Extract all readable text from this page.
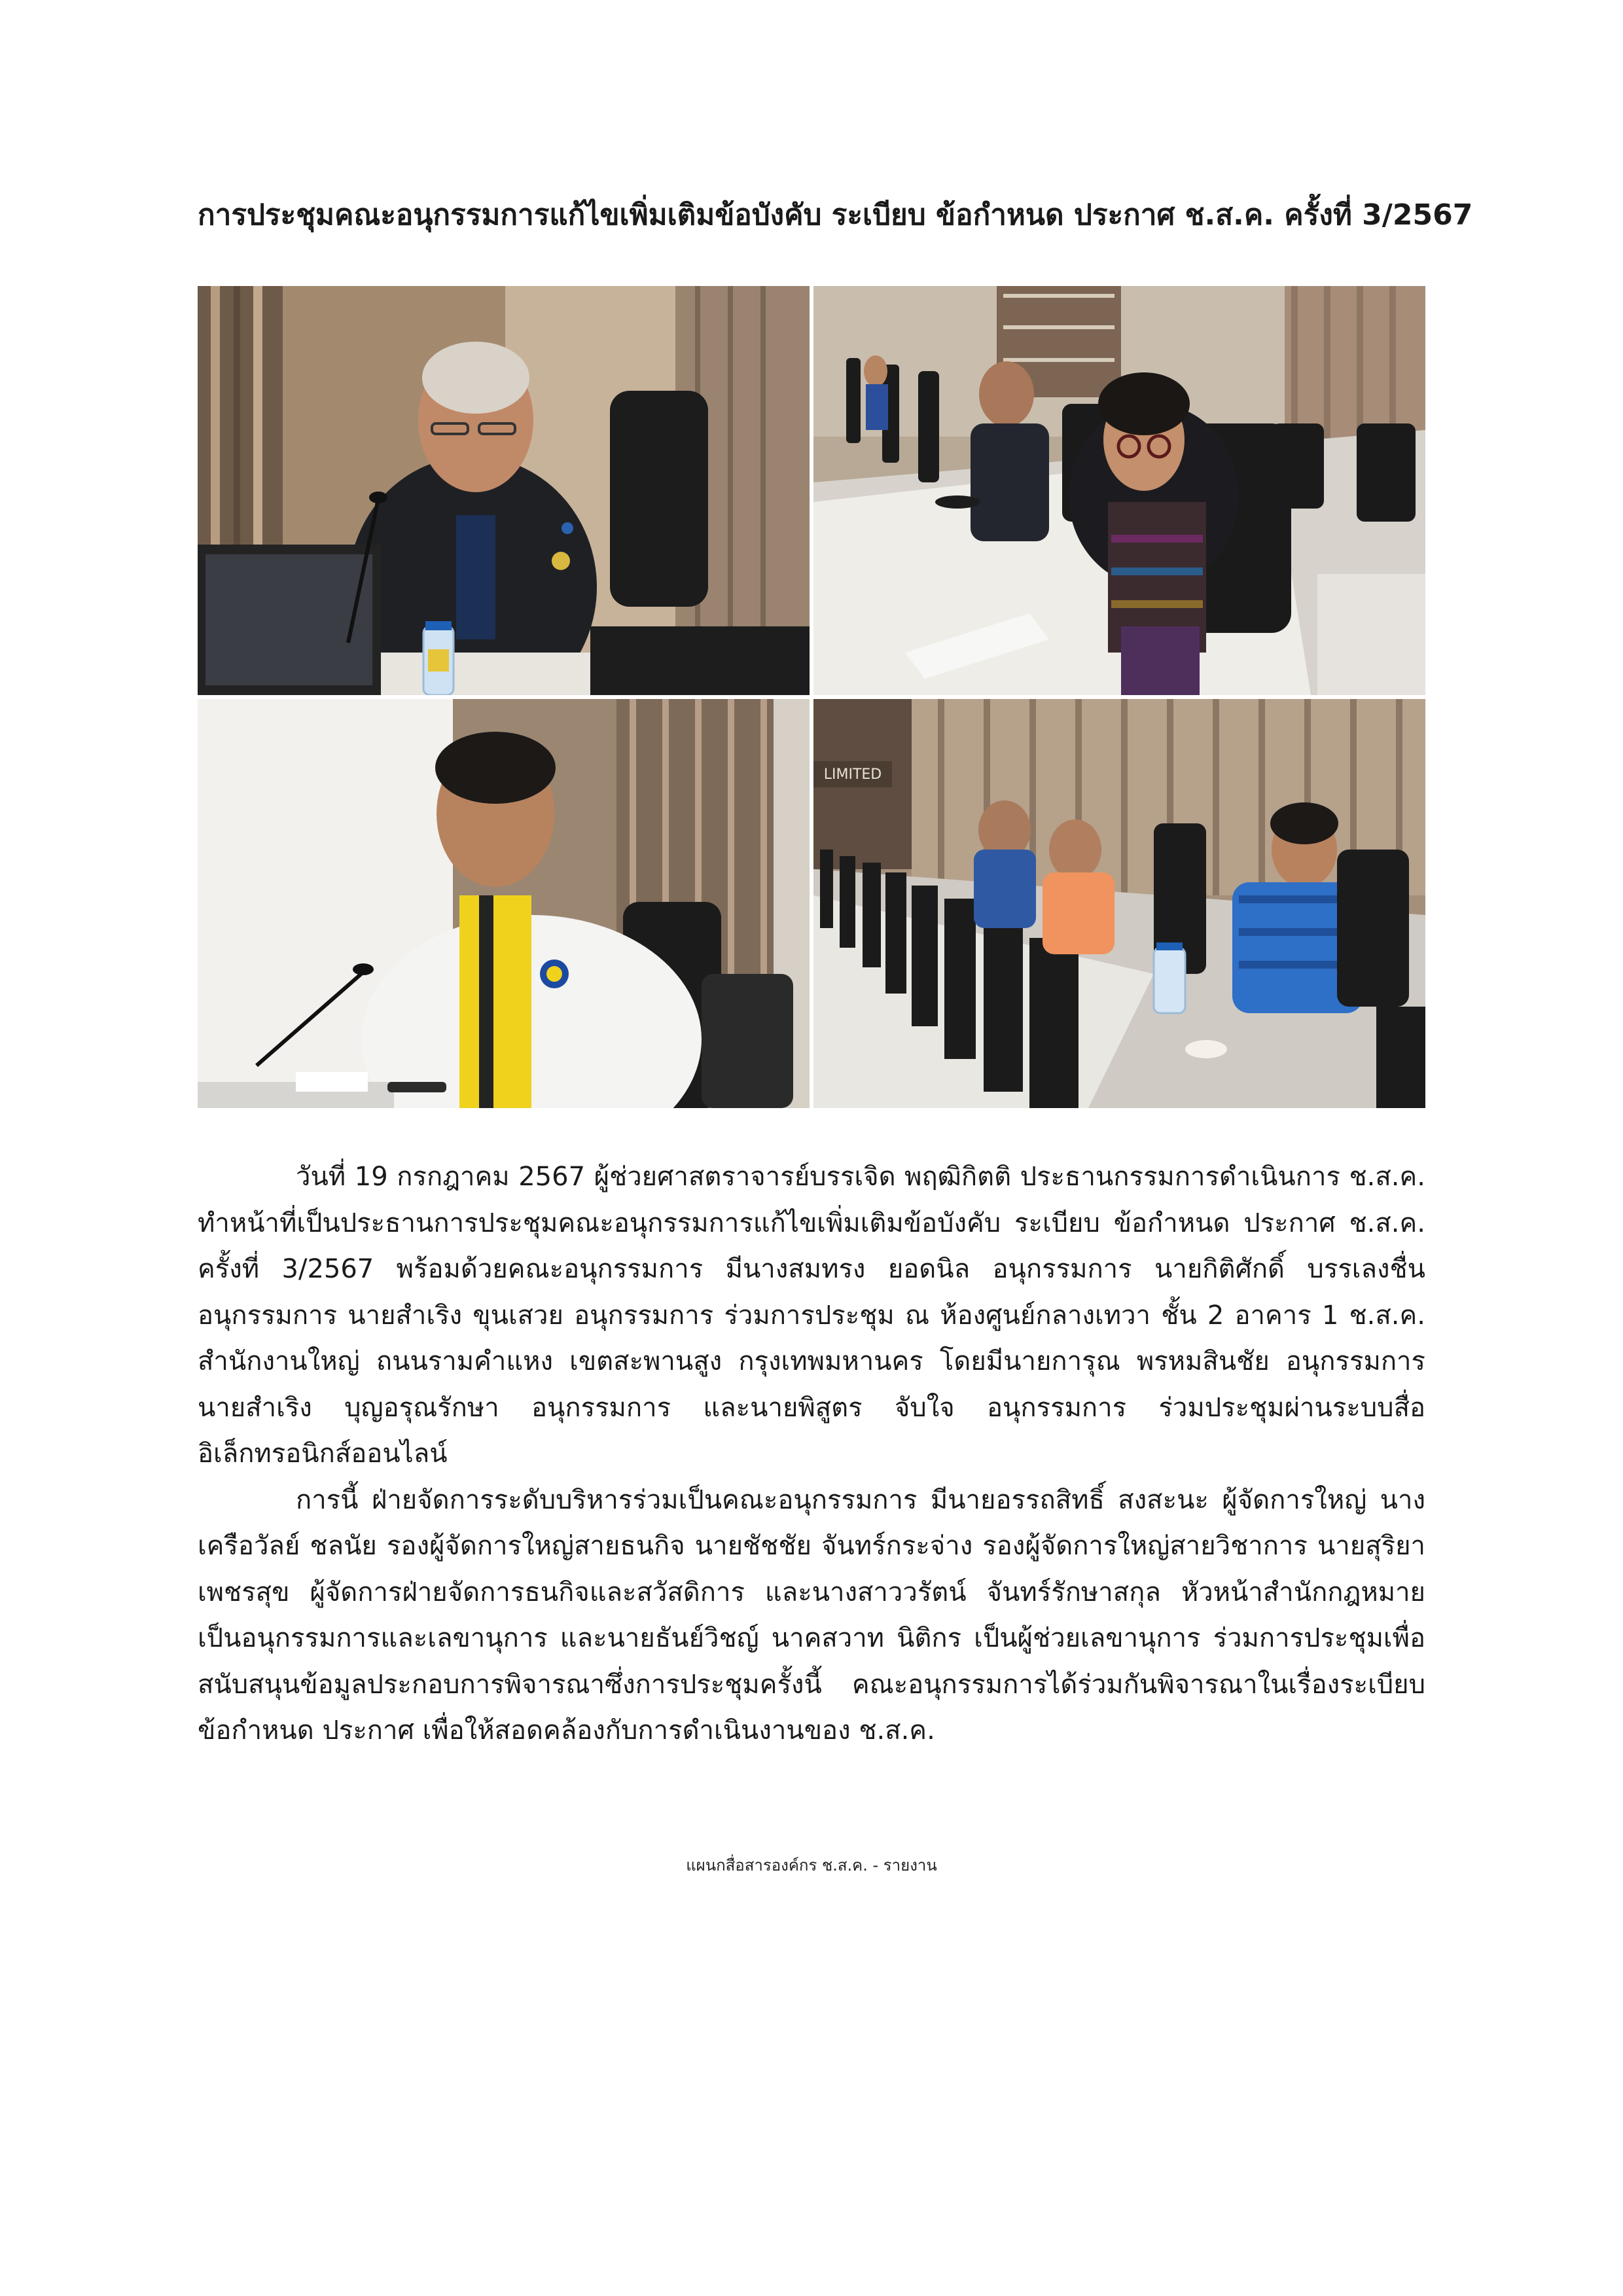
การประชุมคณะอนุกรรมการแก้ไขเพิ่มเติมข้อบังคับ ระเบียบ ข้อกำหนด ประกาศ ช.ส.ค. ครั้งที่ 3/2567
LIMITED

วันที่ 19 กรกฎาคม 2567 ผู้ช่วยศาสตราจารย์บรรเจิด พฤฒิกิตติ ประธานกรรมการดำเนินการ ช.ส.ค. ทำหน้าที่เป็นประธานการประชุมคณะอนุกรรมการแก้ไขเพิ่มเติมข้อบังคับ ระเบียบ ข้อกำหนด ประกาศ ช.ส.ค. ครั้งที่ 3/2567 พร้อมด้วยคณะอนุกรรมการ มีนางสมทรง ยอดนิล อนุกรรมการ นายกิติศักดิ์ บรรเลงชื่น อนุกรรมการ นายสำเริง ขุนเสวย อนุกรรมการ ร่วมการประชุม ณ ห้องศูนย์กลางเทวา ชั้น 2 อาคาร 1 ช.ส.ค. สำนักงานใหญ่ ถนนรามคำแหง เขตสะพานสูง กรุงเทพมหานคร โดยมีนายการุณ พรหมสินชัย อนุกรรมการ นายสำเริง บุญอรุณรักษา อนุกรรมการ และนายพิสูตร จับใจ อนุกรรมการ ร่วมประชุมผ่านระบบสื่ออิเล็กทรอนิกส์ออนไลน์

การนี้ ฝ่ายจัดการระดับบริหารร่วมเป็นคณะอนุกรรมการ มีนายอรรถสิทธิ์ สงสะนะ ผู้จัดการใหญ่ นางเครือวัลย์ ชลนัย รองผู้จัดการใหญ่สายธนกิจ นายชัชชัย จันทร์กระจ่าง รองผู้จัดการใหญ่สายวิชาการ นายสุริยา เพชรสุข ผู้จัดการฝ่ายจัดการธนกิจและสวัสดิการ และนางสาววรัตน์ จันทร์รักษาสกุล หัวหน้าสำนักกฎหมาย เป็นอนุกรรมการและเลขานุการ และนายธันย์วิชญ์ นาคสวาท นิติกร เป็นผู้ช่วยเลขานุการ ร่วมการประชุมเพื่อสนับสนุนข้อมูลประกอบการพิจารณาซึ่งการประชุมครั้งนี้ คณะอนุกรรมการได้ร่วมกันพิจารณาในเรื่องระเบียบ ข้อกำหนด ประกาศ เพื่อให้สอดคล้องกับการดำเนินงานของ ช.ส.ค.

แผนกสื่อสารองค์กร ช.ส.ค. - รายงาน
